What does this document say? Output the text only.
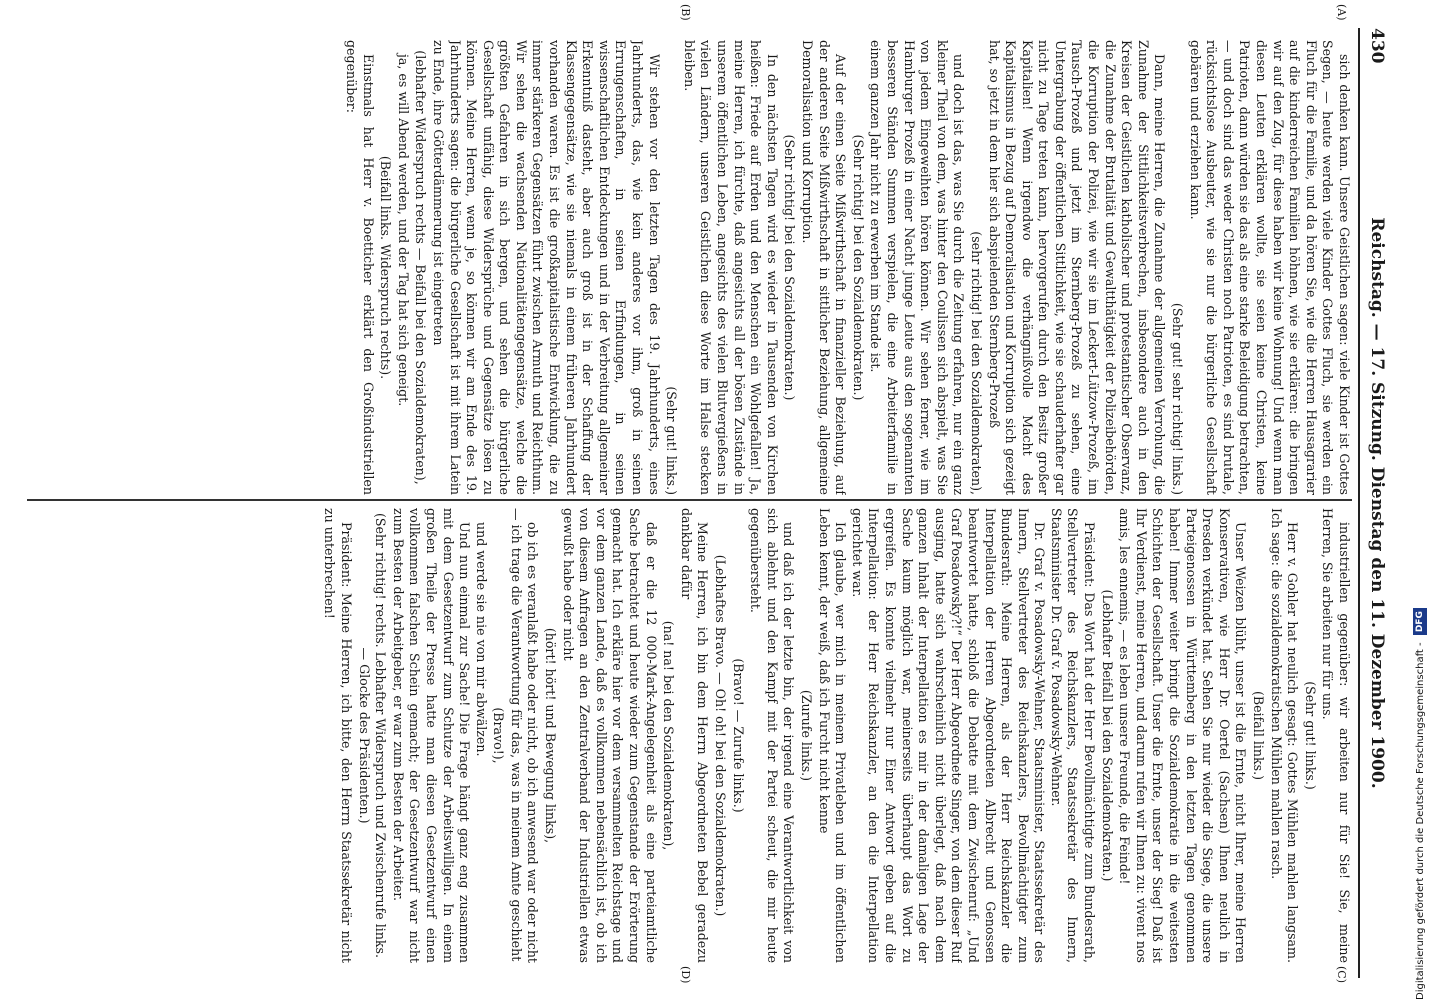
430
Reichstag. — 17. Sitzung. Dienstag den 11. Dezember 1900.
(A)
(B)
(C)
(D)

sich denken kann. Unsere Geistlichen sagen: viele Kinder ist Gottes Segen, — heute werden viele Kinder Gottes Fluch, sie werden ein Fluch für die Familie, und da hören Sie, wie die Herren Hausagrarier auf die kinderreichen Familien höhnen, wie sie erklären: die bringen wir auf den Zug, für diese haben wir keine Wohnung! Und wenn man diesen Leuten erklären wollte, sie seien keine Christen, keine Patrioten, dann würden sie das als eine starke Beleidigung betrachten, — und doch sind das weder Christen noch Patrioten, es sind brutale, rücksichtslose Ausbeuter, wie sie nur die bürgerliche Gesellschaft gebären und erziehen kann.

(Sehr gut! sehr richtig! links.)

Dann, meine Herren, die Zunahme der allgemeinen Verrohung, die Zunahme der Sittlichkeitsverbrechen, insbesondere auch in den Kreisen der Geistlichen katholischer und protestantischer Observanz, die Zunahme der Brutalität und Gewaltthätigkeit der Polizeibehörden, die Korruption der Polizei, wie wir sie im Leckert-Lützow-Prozeß, im Tausch-Prozeß und jetzt im Sternberg-Prozeß zu sehen, eine Untergrabung der öffentlichen Sittlichkeit, wie sie schauderhafter gar nicht zu Tage treten kann, hervorgerufen durch den Besitz großer Kapitalien! Wenn irgendwo die verhängnißvolle Macht des Kapitalismus in Bezug auf Demoralisation und Korruption sich gezeigt hat, so jetzt in dem hier sich abspielenden Sternberg-Prozeß

(sehr richtig! bei den Sozialdemokraten),

und doch ist das, was Sie durch die Zeitung erfahren, nur ein ganz kleiner Theil von dem, was hinter den Coulissen sich abspielt, was Sie von jedem Eingeweihten hören können. Wir sehen ferner, wie im Hamburger Prozeß in einer Nacht junge Leute aus den sogenannten besseren Ständen Summen verspielen, die eine Arbeiterfamilie in einem ganzen Jahr nicht zu erwerben im Stande ist.

(Sehr richtig! bei den Sozialdemokraten.)

Auf der einen Seite Mißwirthschaft in finanzieller Beziehung, auf der anderen Seite Mißwirthschaft in sittlicher Beziehung, allgemeine Demoralisation und Korruption.

(Sehr richtig! bei den Sozialdemokraten.)

In den nächsten Tagen wird es wieder in Tausenden von Kirchen heißen: Friede auf Erden und den Menschen ein Wohlgefallen! Ja, meine Herren, ich fürchte, daß angesichts all der bösen Zustände in unserem öffentlichen Leben, angesichts des vielen Blutvergießens in vielen Ländern, unseren Geistlichen diese Worte im Halse stecken bleiben.

(Sehr gut! links.)

Wir stehen vor den letzten Tagen des 19. Jahrhunderts, eines Jahrhunderts, das, wie kein anderes vor ihm, groß in seinen Errungenschaften, in seinen Erfindungen, in seinen wissenschaftlichen Entdeckungen und in der Verbreitung allgemeiner Erkenntniß dasteht, aber auch groß ist in der Schaffung der Klassengegensätze, wie sie niemals in einem früheren Jahrhundert vorhanden waren. Es ist die großkapitalistische Entwicklung, die zu immer stärkeren Gegensätzen führt zwischen Armuth und Reichthum. Wir sehen die wachsenden Nationalitätengegensätze, welche die größten Gefahren in sich bergen, und sehen die bürgerliche Gesellschaft unfähig, diese Widersprüche und Gegensätze lösen zu können. Meine Herren, wenn je, so können wir am Ende des 19. Jahrhunderts sagen: die bürgerliche Gesellschaft ist mit ihrem Latein zu Ende, ihre Götterdämmerung ist eingetreten

(lebhafter Widerspruch rechts — Beifall bei den Sozialdemokraten),

ja, es will Abend werden, und der Tag hat sich geneigt.

(Beifall links. Widerspruch rechts).

Einstmals hat Herr v. Boetticher erklärt den Großindustriellen gegenüber:

industriellen gegenüber: wir arbeiten nur für Sie! Sie, meine Herren, Sie arbeiten nur für uns.

(Sehr gut! links.)

Herr v. Gohler hat neulich gesagt: Gottes Mühlen mahlen langsam. Ich sage: die sozialdemokratischen Mühlen mahlen rasch.

(Beifall links.)

Unser Weizen blüht, unser ist die Ernte, nicht Ihrer, meine Herren Konservativen, wie Herr Dr. Oertel (Sachsen) Ihnen neulich in Dresden verkündet hat. Sehen Sie nur wieder die Siege, die unsere Parteigenossen in Württemberg in den letzten Tagen genommen haben! Immer weiter bringt die Sozialdemokratie in die weitesten Schichten der Gesellschaft. Unser die Ernte, unser der Sieg! Daß ist Ihr Verdienst, meine Herren, und darum rufen wir Ihnen zu: vivent nos amis, les ennemis, — es leben unsere Freunde, die Feinde!

(Lebhafter Beifall bei den Sozialdemokraten.)

Präsident: Das Wort hat der Herr Bevollmächtigte zum Bundesrath, Stellvertreter des Reichskanzlers, Staatssekretär des Innern, Staatsminister Dr. Graf v. Posadowsky-Wehner.

Dr. Graf v. Posadowsky-Wehner, Staatsminister, Staatssekretär des Innern, Stellvertreter des Reichskanzlers, Bevollmächtigter zum Bundesrath: Meine Herren, als der Herr Reichskanzler die Interpellation der Herren Abgeordneten Albrecht und Genossen beantwortet hatte, schloß die Debatte mit dem Zwischenruf: „Und Graf Posadowsky?!“ Der Herr Abgeordnete Singer, von dem dieser Ruf ausging, hatte sich wahrscheinlich nicht überlegt, daß nach dem ganzen Inhalt der Interpellation es mir in der damaligen Lage der Sache kaum möglich war, meinerseits überhaupt das Wort zu ergreifen. Es konnte vielmehr nur Einer Antwort geben auf die Interpellation: der Herr Reichskanzler, an den die Interpellation gerichtet war.

Ich glaube, wer mich in meinem Privatleben und im öffentlichen Leben kennt, der weiß, daß ich Furcht nicht kenne

(Zurufe links.)

und daß ich der letzte bin, der irgend eine Verantwortlichkeit von sich ablehnt und den Kampf mit der Partei scheut, die mir heute gegenübersteht.

(Bravo! — Zurufe links.)

(Lebhaftes Bravo. — Oh! oh! bei den Sozialdemokraten.)

Meine Herren, ich bin dem Herrn Abgeordneten Bebel geradezu dankbar dafür

(na! na! bei den Sozialdemokraten),

daß er die 12 000-Mark-Angelegenheit als eine parteiamtliche Sache betrachtet und heute wieder zum Gegenstande der Erörterung gemacht hat. Ich erkläre hier vor dem versammelten Reichstage und vor dem ganzen Lande, daß es vollkommen nebensächlich ist, ob ich von diesem Anfragen an den Zentralverband der Industriellen etwas gewußt habe oder nicht

(hört! hört! und Bewegung links),

ob ich es veranlaßt habe oder nicht, ob ich anwesend war oder nicht — ich trage die Verantwortung für das, was in meinem Amte geschieht

(Bravo!),

und werde sie nie von mir abwälzen.

Und nun einmal zur Sache! Die Frage hängt ganz eng zusammen mit dem Gesetzentwurf zum Schutze der Arbeitswilligen. In einem großen Theile der Presse hatte man diesen Gesetzentwurf einen vollkommen falschen Schein gemacht; der Gesetzentwurf war nicht zum Besten der Arbeitgeber, er war zum Besten der Arbeiter.

(Sehr richtig! rechts. Lebhafter Widerspruch und Zwischenrufe links. — Glocke des Präsidenten.)

Präsident: Meine Herren, ich bitte, den Herrn Staatssekretär nicht zu unterbrechen!

Digitalisierung gefördert durch die Deutsche Forschungsgemeinschaft - DFG
